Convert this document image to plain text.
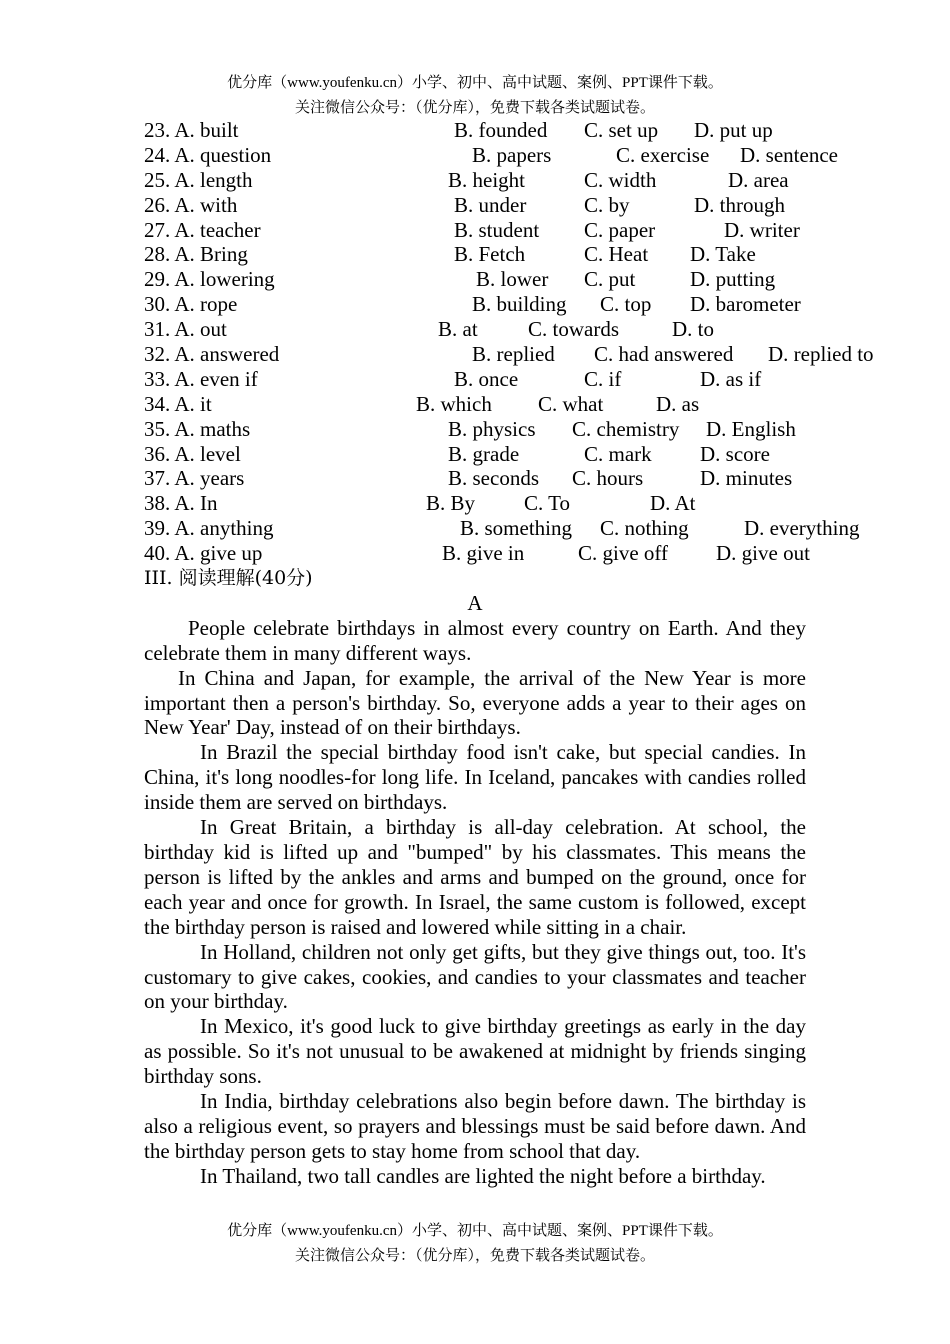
优分库（www.youfenku.cn）小学、初中、高中试题、案例、PPT课件下载。
关注微信公众号：（优分库），免费下载各类试题试卷。
23. A. built	B. founded C. set up D. put up
24. A. question	B. papers	C. exercise D. sentence
25. A. length	B. height	C. width	D. area
26. A. with	B. under	C. by	D. through
27. A. teacher	B. student C. paper	D. writer
28. A. Bring	B. Fetch	C. Heat D. Take
29. A. lowering	B. lower C. put	D. putting
30. A. rope	B. building C. top D. barometer
31. A. out	B. at C. towards	D. to
32. A. answered	B. replied C. had answered D. replied to
33. A. even if	B. once	C. if	D. as if
34. A. it	B. which C. what	D. as
35. A. maths	B. physics C. chemistry D. English
36. A. level	B. grade	C. mark D. score
37. A. years	B. seconds C. hours	D. minutes
38. A. In	B. By C. To	D. At
39. A. anything	B. something C. nothing	D. everything
40. A. give up	B. give in	C. give off D. give out
III. 阅读理解(40分)
A

People celebrate birthdays in almost every country on Earth. And they celebrate them in many different ways.

In China and Japan, for example, the arrival of the New Year is more important then a person's birthday. So, everyone adds a year to their ages on New Year' Day, instead of on their birthdays.

In Brazil the special birthday food isn't cake, but special candies. In China, it's long noodles-for long life. In Iceland, pancakes with candies rolled inside them are served on birthdays.

In Great Britain, a birthday is all-day celebration. At school, the birthday kid is lifted up and "bumped" by his classmates. This means the person is lifted by the ankles and arms and bumped on the ground, once for each year and once for growth. In Israel, the same custom is followed, except the birthday person is raised and lowered while sitting in a chair.

In Holland, children not only get gifts, but they give things out, too. It's customary to give cakes, cookies, and candies to your classmates and teacher on your birthday.

In Mexico, it's good luck to give birthday greetings as early in the day as possible. So it's not unusual to be awakened at midnight by friends singing birthday sons.

In India, birthday celebrations also begin before dawn. The birthday is also a religious event, so prayers and blessings must be said before dawn. And the birthday person gets to stay home from school that day.

In Thailand, two tall candles are lighted the night before a birthday.

优分库（www.youfenku.cn）小学、初中、高中试题、案例、PPT课件下载。
关注微信公众号：（优分库），免费下载各类试题试卷。
